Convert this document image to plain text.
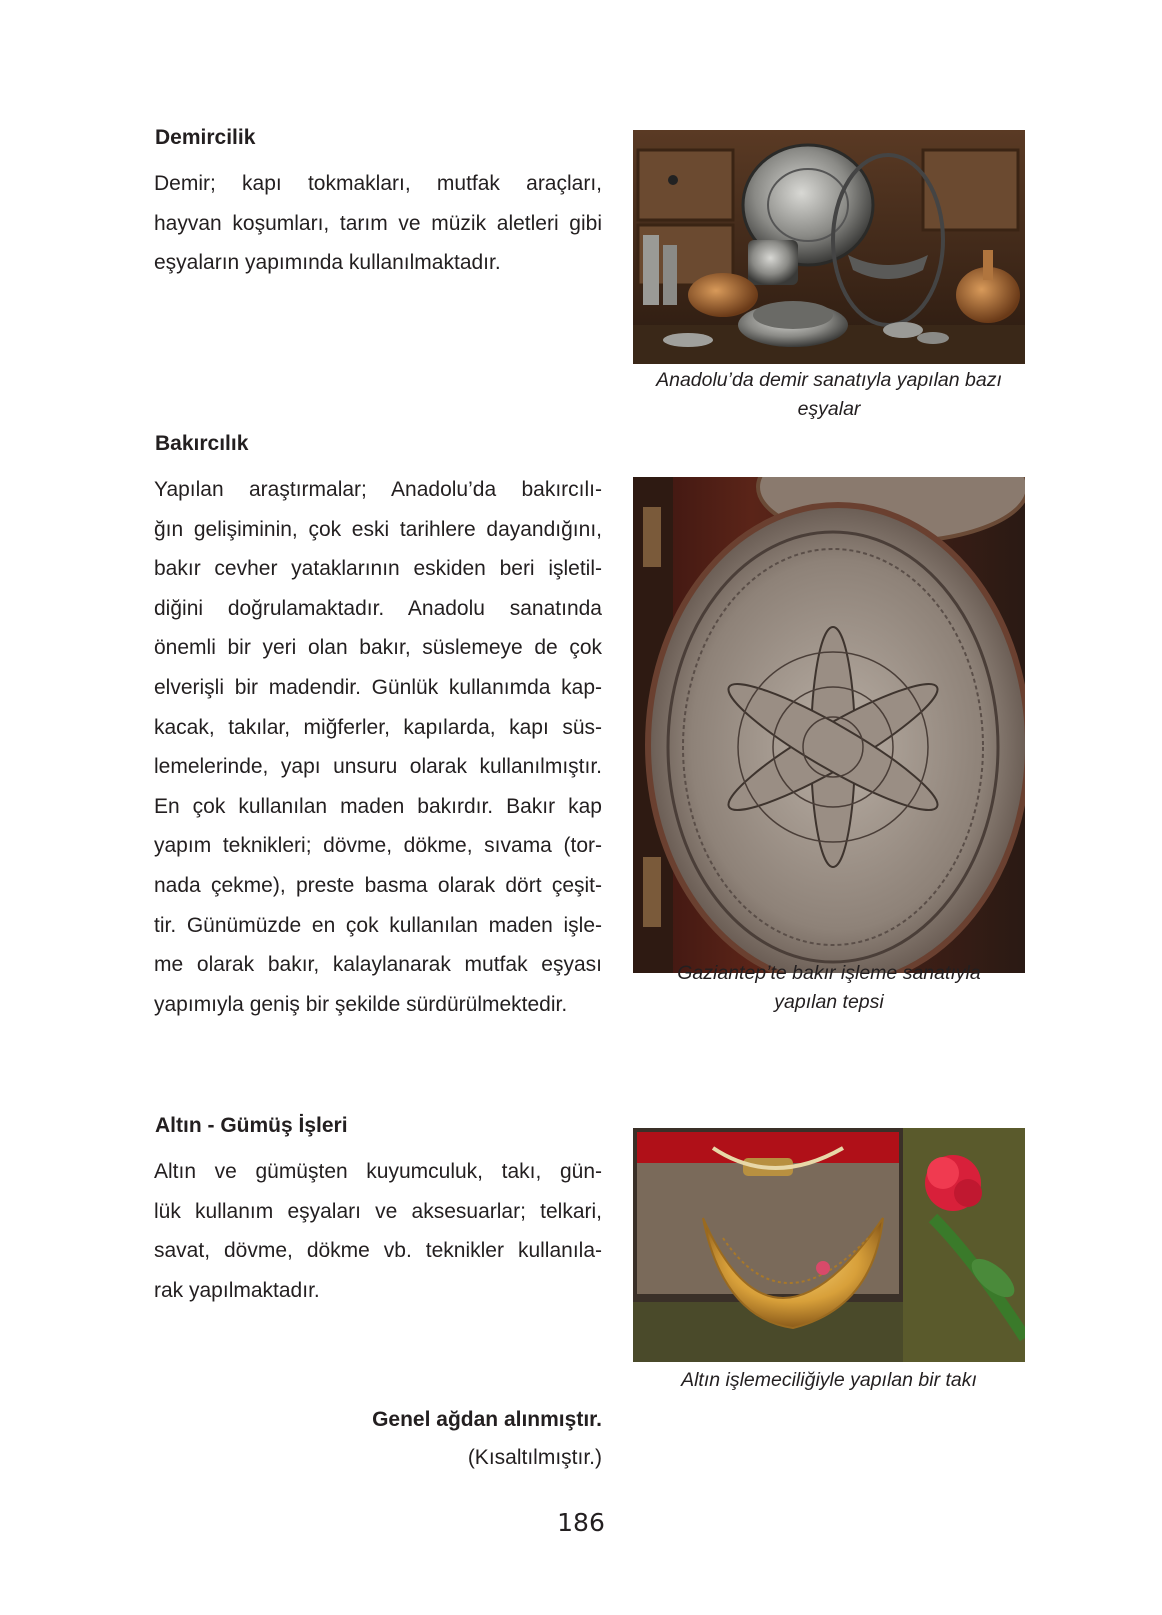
Demircilik
Demir; kapı tokmakları, mutfak araçları,
hayvan koşumları, tarım ve müzik aletleri gibi
eşyaların yapımında kullanılmaktadır.
Anadolu’da demir sanatıyla yapılan bazı
eşyalar
Bakırcılık
Yapılan araştırmalar; Anadolu’da bakırcılı-
ğın gelişiminin, çok eski tarihlere dayandığını,
bakır cevher yataklarının eskiden beri işletil-
diğini doğrulamaktadır. Anadolu sanatında
önemli bir yeri olan bakır, süslemeye de çok
elverişli bir madendir. Günlük kullanımda kap-
kacak, takılar, miğferler, kapılarda, kapı süs-
lemelerinde, yapı unsuru olarak kullanılmıştır.
En çok kullanılan maden bakırdır. Bakır kap
yapım teknikleri; dövme, dökme, sıvama (tor-
nada çekme), preste basma olarak dört çeşit-
tir. Günümüzde en çok kullanılan maden işle-
me olarak bakır, kalaylanarak mutfak eşyası
yapımıyla geniş bir şekilde sürdürülmektedir.
Gaziantep’te bakır işleme sanatıyla
yapılan tepsi
Altın - Gümüş İşleri
Altın ve gümüşten kuyumculuk, takı, gün-
lük kullanım eşyaları ve aksesuarlar; telkari,
savat, dövme, dökme vb. teknikler kullanıla-
rak yapılmaktadır.
Altın işlemeciliğiyle yapılan bir takı
Genel ağdan alınmıştır.
(Kısaltılmıştır.)
186
